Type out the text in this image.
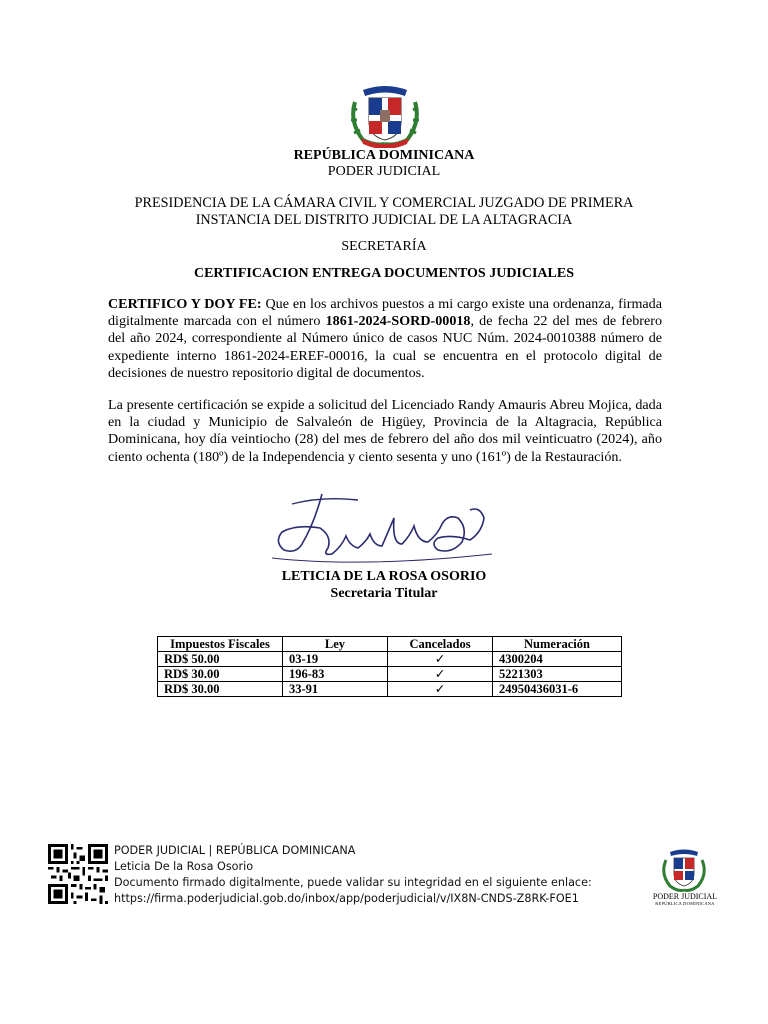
REPÚBLICA DOMINICANA
PODER JUDICIAL
PRESIDENCIA DE LA CÁMARA CIVIL Y COMERCIAL JUZGADO DE PRIMERA
INSTANCIA DEL DISTRITO JUDICIAL DE LA ALTAGRACIA
SECRETARÍA
CERTIFICACION ENTREGA DOCUMENTOS JUDICIALES
CERTIFICO Y DOY FE: Que en los archivos puestos a mi cargo existe una ordenanza, firmada digitalmente marcada con el número 1861-2024-SORD-00018, de fecha 22 del mes de febrero del año 2024, correspondiente al Número único de casos NUC Núm. 2024-0010388 número de expediente interno 1861-2024-EREF-00016, la cual se encuentra en el protocolo digital de decisiones de nuestro repositorio digital de documentos.
La presente certificación se expide a solicitud del Licenciado Randy Amauris Abreu Mojica, dada en la ciudad y Municipio de Salvaleón de Higüey, Provincia de la Altagracia, República Dominicana, hoy día veintiocho (28) del mes de febrero del año dos mil veinticuatro (2024), año ciento ochenta (180º) de la Independencia y ciento sesenta y uno (161º) de la Restauración.
LETICIA DE LA ROSA OSORIO
Secretaria Titular
Impuestos Fiscales	Ley	Cancelados	Numeración
RD$ 50.00	03-19	✓	4300204
RD$ 30.00	196-83	✓	5221303
RD$ 30.00	33-91	✓	24950436031-6
PODER JUDICIAL | REPÚBLICA DOMINICANA
Leticia De la Rosa Osorio
Documento firmado digitalmente, puede validar su integridad en el siguiente enlace:
https://firma.poderjudicial.gob.do/inbox/app/poderjudicial/v/IX8N-CNDS-Z8RK-FOE1	PODER JUDICIAL
REPÚBLICA DOMINICANA
